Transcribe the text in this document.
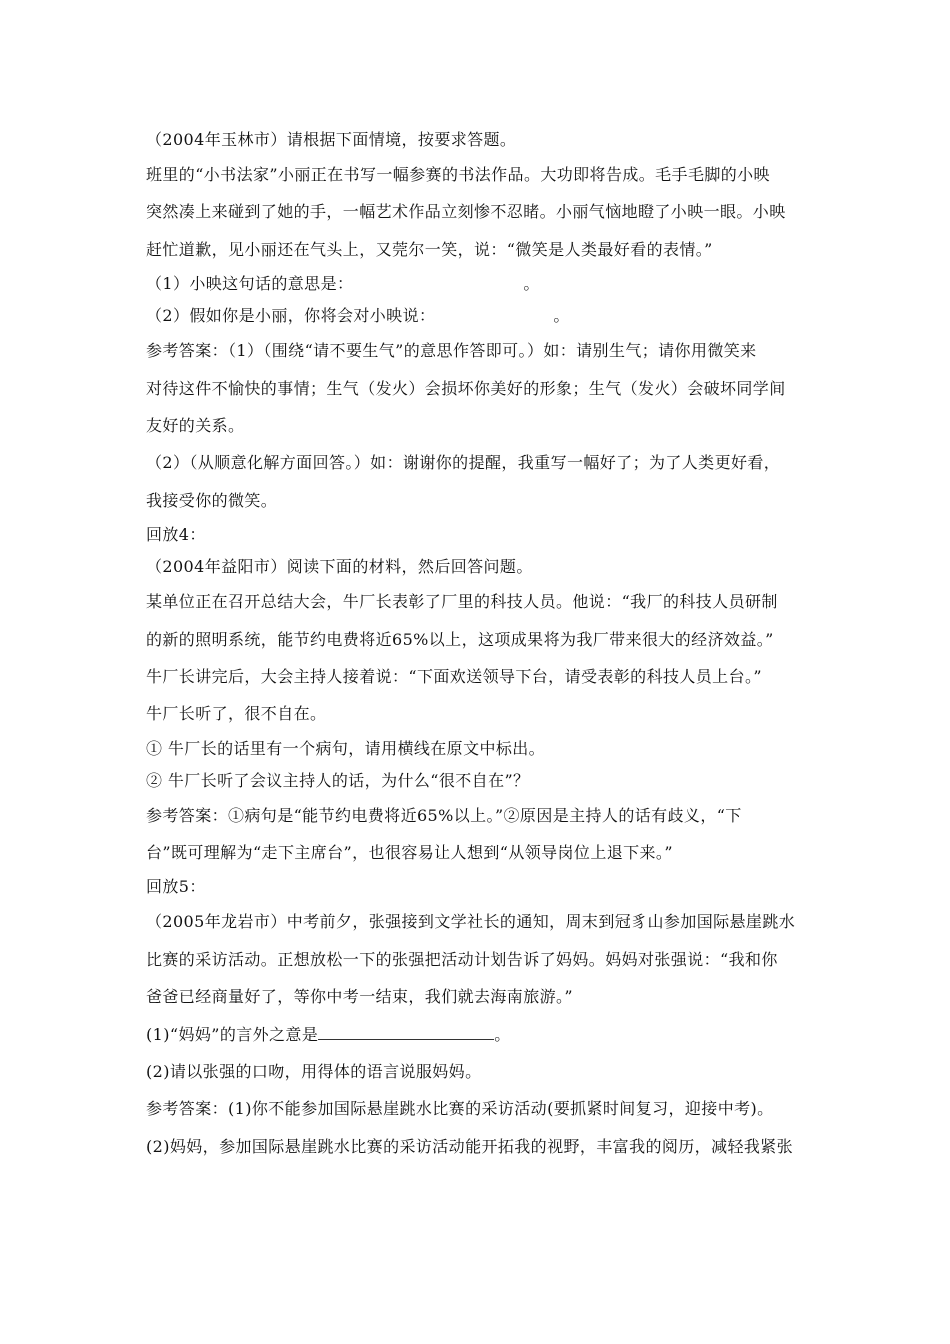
（2004年玉林市）请根据下面情境，按要求答题。
班里的“小书法家”小丽正在书写一幅参赛的书法作品。大功即将告成。毛手毛脚的小映
突然凑上来碰到了她的手，一幅艺术作品立刻惨不忍睹。小丽气恼地瞪了小映一眼。小映
赶忙道歉，见小丽还在气头上，又莞尔一笑，说：“微笑是人类最好看的表情。”
（1）小映这句话的意思是：	。
（2）假如你是小丽，你将会对小映说：	。
参考答案：（1）（围绕“请不要生气”的意思作答即可。）如：请别生气；请你用微笑来
对待这件不愉快的事情；生气（发火）会损坏你美好的形象；生气（发火）会破坏同学间
友好的关系。
（2）（从顺意化解方面回答。）如：谢谢你的提醒，我重写一幅好了；为了人类更好看，
我接受你的微笑。
回放4：
（2004年益阳市）阅读下面的材料，然后回答问题。
某单位正在召开总结大会，牛厂长表彰了厂里的科技人员。他说：“我厂的科技人员研制
的新的照明系统，能节约电费将近65%以上，这项成果将为我厂带来很大的经济效益。”
牛厂长讲完后，大会主持人接着说：“下面欢送领导下台，请受表彰的科技人员上台。”
牛厂长听了，很不自在。
① 牛厂长的话里有一个病句，请用横线在原文中标出。
② 牛厂长听了会议主持人的话，为什么“很不自在”？
参考答案：①病句是“能节约电费将近65%以上。”②原因是主持人的话有歧义，“下
台”既可理解为“走下主席台”，也很容易让人想到“从领导岗位上退下来。”
回放5：
（2005年龙岩市）中考前夕，张强接到文学社长的通知，周末到冠豸山参加国际悬崖跳水
比赛的采访活动。正想放松一下的张强把活动计划告诉了妈妈。妈妈对张强说：“我和你
爸爸已经商量好了，等你中考一结束，我们就去海南旅游。”
(1)“妈妈”的言外之意是	。
(2)请以张强的口吻，用得体的语言说服妈妈。
参考答案：(1)你不能参加国际悬崖跳水比赛的采访活动(要抓紧时间复习，迎接中考)。
(2)妈妈，参加国际悬崖跳水比赛的采访活动能开拓我的视野，丰富我的阅历，减轻我紧张
